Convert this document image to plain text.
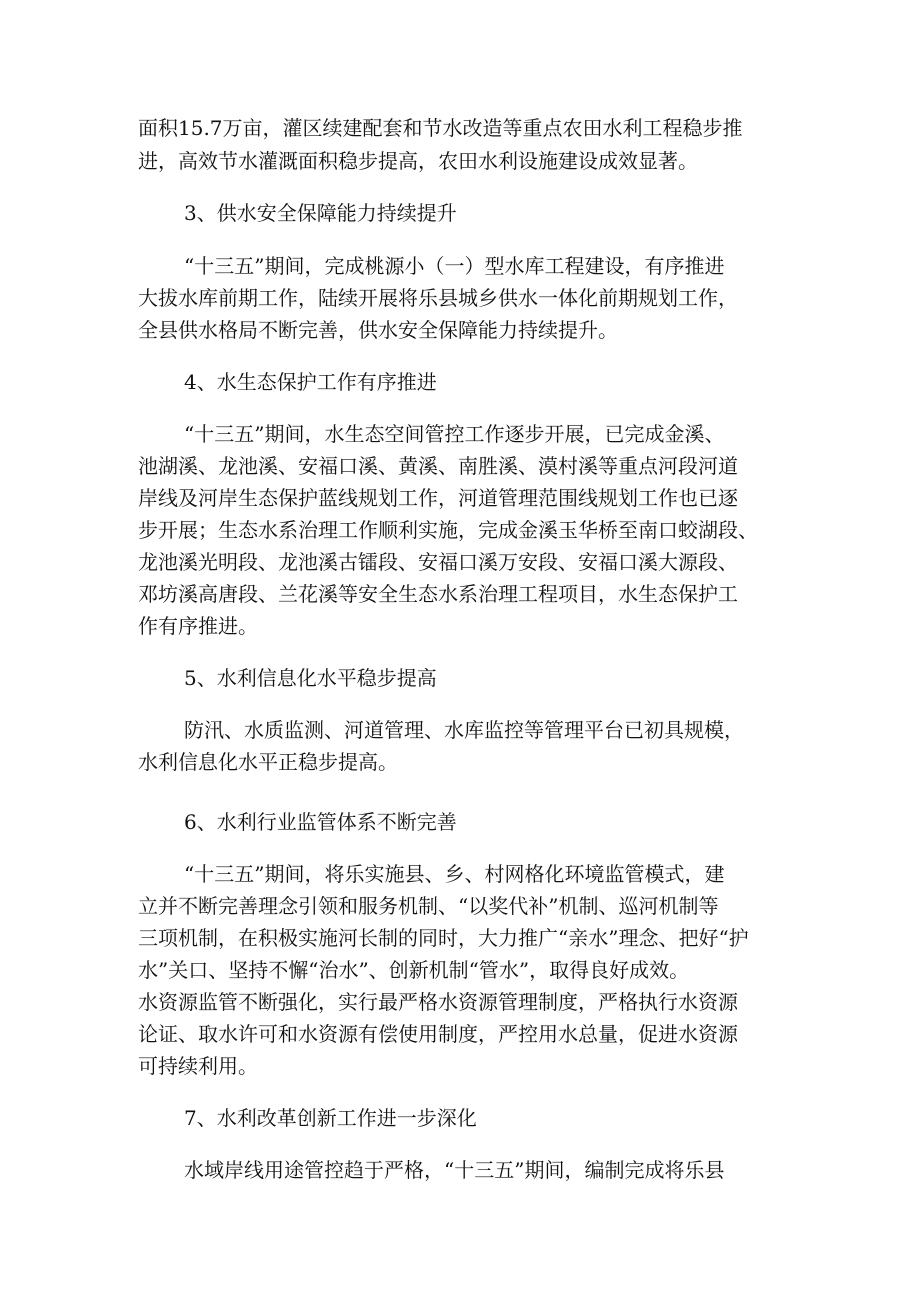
面积15.7万亩，灌区续建配套和节水改造等重点农田水利工程稳步推
进，高效节水灌溉面积稳步提高，农田水利设施建设成效显著。
3、供水安全保障能力持续提升
“十三五”期间，完成桃源小（一）型水库工程建设，有序推进
大拔水库前期工作，陆续开展将乐县城乡供水一体化前期规划工作，
全县供水格局不断完善，供水安全保障能力持续提升。
4、水生态保护工作有序推进
“十三五”期间，水生态空间管控工作逐步开展，已完成金溪、
池湖溪、龙池溪、安福口溪、黄溪、南胜溪、漠村溪等重点河段河道
岸线及河岸生态保护蓝线规划工作，河道管理范围线规划工作也已逐
步开展；生态水系治理工作顺利实施，完成金溪玉华桥至南口蛟湖段、
龙池溪光明段、龙池溪古镭段、安福口溪万安段、安福口溪大源段、
邓坊溪高唐段、兰花溪等安全生态水系治理工程项目，水生态保护工
作有序推进。
5、水利信息化水平稳步提高
防汛、水质监测、河道管理、水库监控等管理平台已初具规模，
水利信息化水平正稳步提高。
6、水利行业监管体系不断完善
“十三五”期间，将乐实施县、乡、村网格化环境监管模式，建
立并不断完善理念引领和服务机制、“以奖代补”机制、巡河机制等
三项机制，在积极实施河长制的同时，大力推广“亲水”理念、把好“护
水”关口、坚持不懈“治水”、创新机制“管水”，取得良好成效。
水资源监管不断强化，实行最严格水资源管理制度，严格执行水资源
论证、取水许可和水资源有偿使用制度，严控用水总量，促进水资源
可持续利用。
7、水利改革创新工作进一步深化
水域岸线用途管控趋于严格，“十三五”期间，编制完成将乐县
